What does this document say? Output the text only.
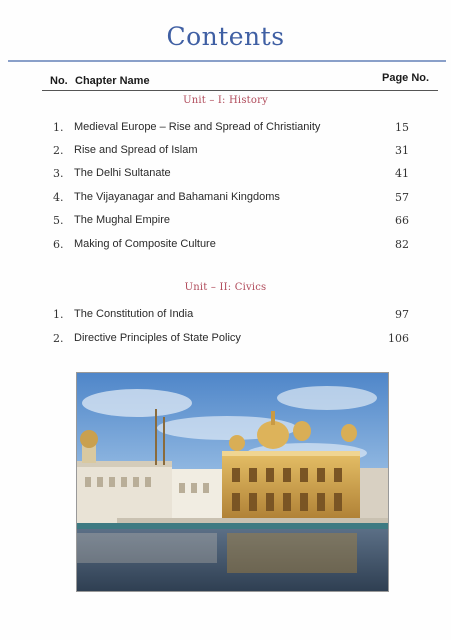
Contents
No. Chapter Name	Page No.
Unit – I: History
1. Medieval Europe – Rise and Spread of Christianity	15
2. Rise and Spread of Islam	31
3. The Delhi Sultanate	41
4. The Vijayanagar and Bahamani Kingdoms	57
5. The Mughal Empire	66
6. Making of Composite Culture	82
Unit – II: Civics
1. The Constitution of India	97
2. Directive Principles of State Policy	106
